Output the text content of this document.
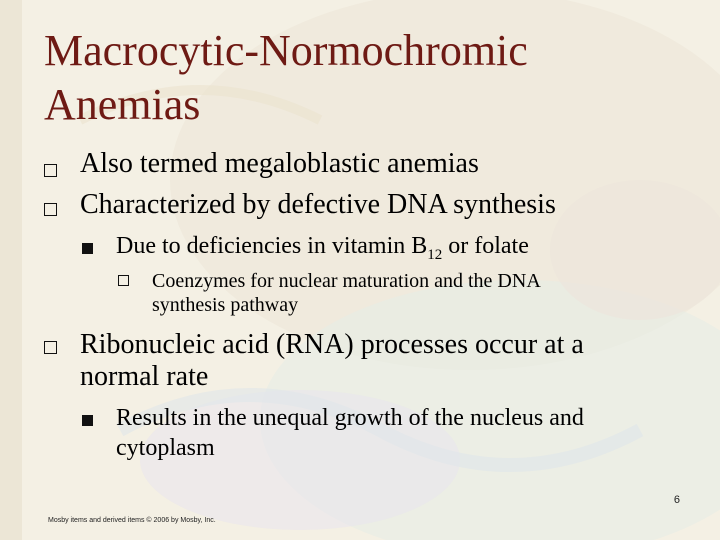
Macrocytic-Normochromic
Anemias
Also termed megaloblastic anemias
Characterized by defective DNA synthesis
Due to deficiencies in vitamin $B_{12}$ or folate
Coenzymes for nuclear maturation and the DNA
synthesis pathway
Ribonucleic acid (RNA) processes occur at a
normal rate
Results in the unequal growth of the nucleus and
cytoplasm
6
Mosby items and derived items © 2006 by Mosby, Inc.
